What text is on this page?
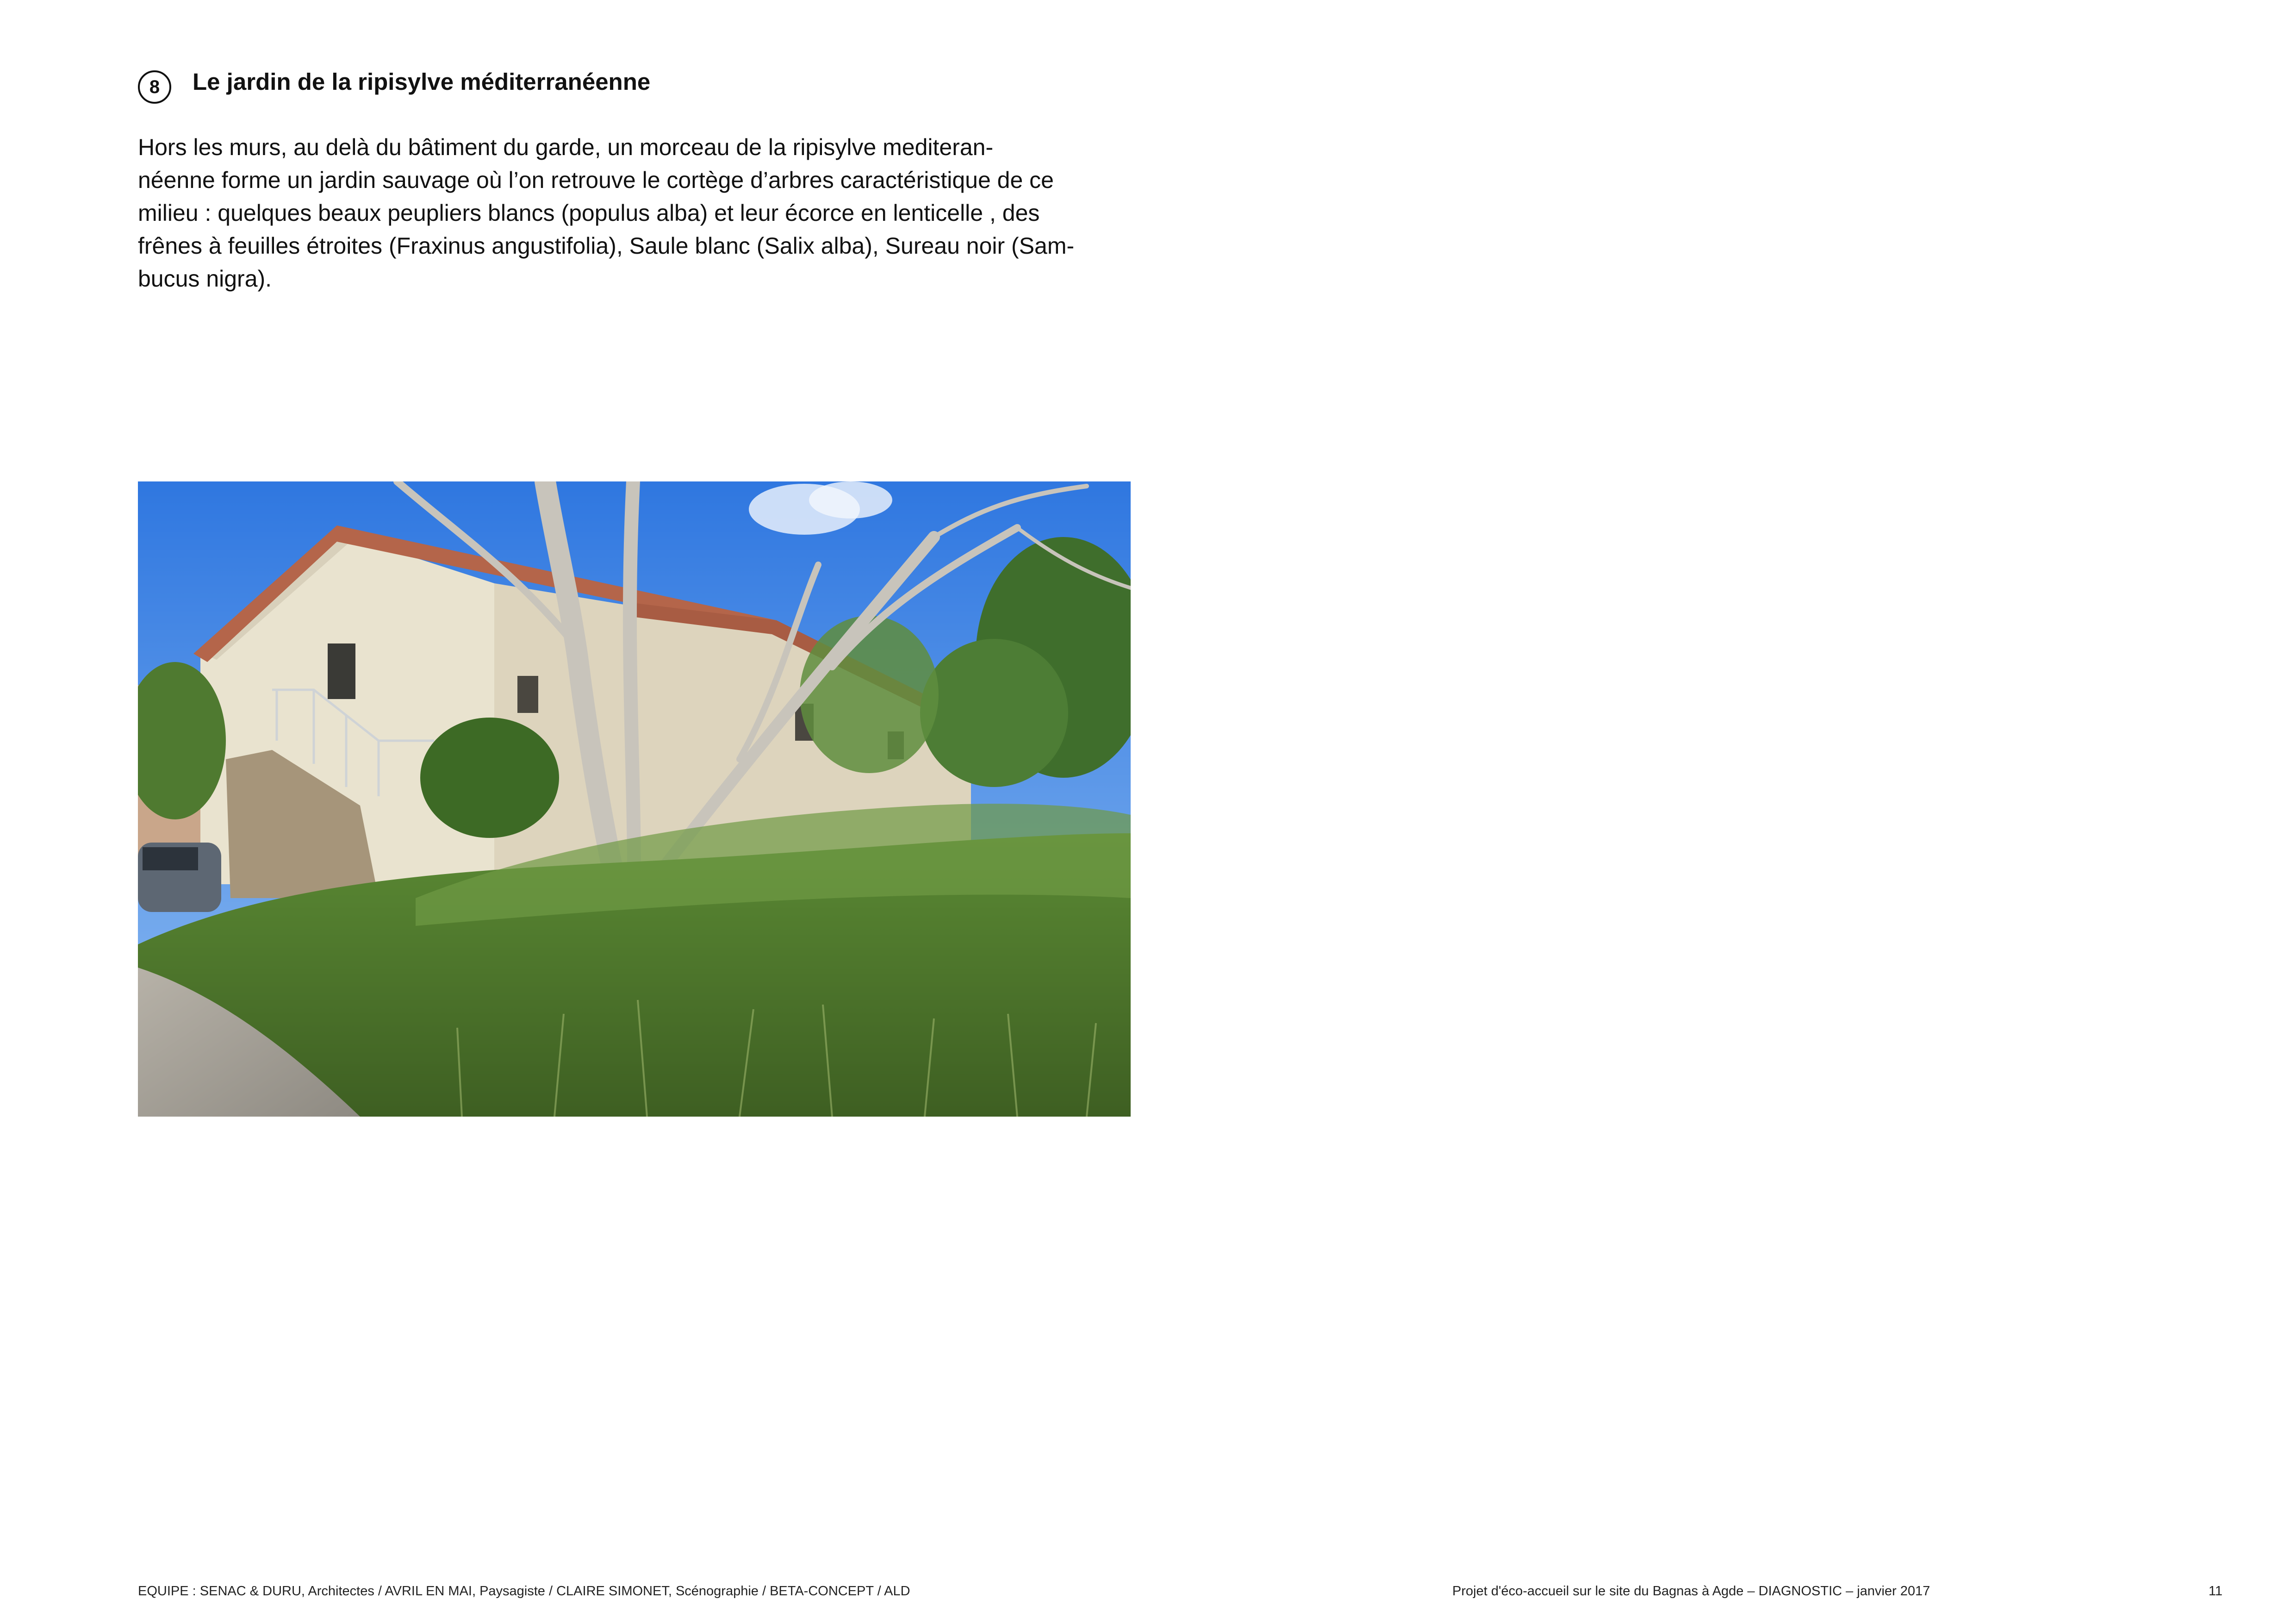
8 Le jardin de la ripisylve méditerranéenne
Hors les murs, au delà du bâtiment du garde, un morceau de la ripisylve mediteran-
néenne forme un jardin sauvage où l’on retrouve le cortège d’arbres caractéristique de ce
milieu : quelques beaux peupliers blancs (populus alba) et leur écorce en lenticelle , des
frênes à feuilles étroites (Fraxinus angustifolia), Saule blanc (Salix alba), Sureau noir (Sam-
bucus nigra).
EQUIPE : SENAC & DURU, Architectes / AVRIL EN MAI, Paysagiste / CLAIRE SIMONET, Scénographie / BETA-CONCEPT / ALD	Projet d'éco-accueil sur le site du Bagnas à Agde – DIAGNOSTIC – janvier 2017	11
